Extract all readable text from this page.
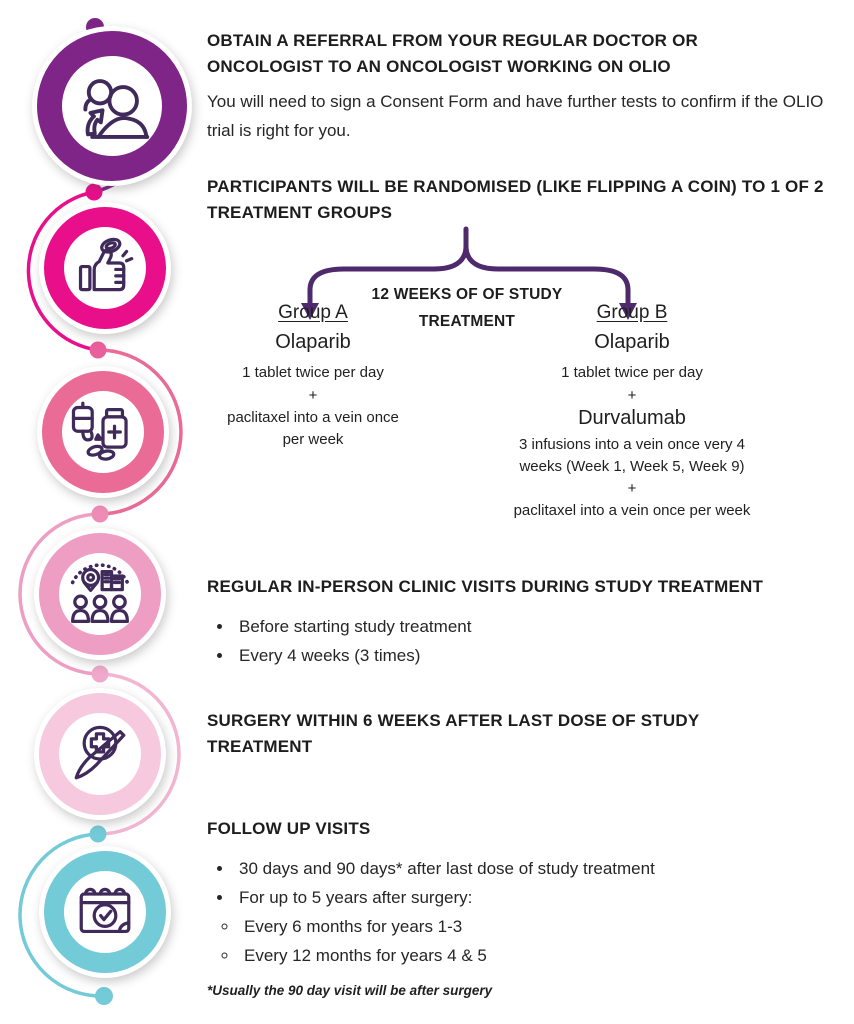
OBTAIN A REFERRAL FROM YOUR REGULAR DOCTOR OR ONCOLOGIST TO AN ONCOLOGIST WORKING ON OLIO

You will need to sign a Consent Form and have further tests to confirm if the OLIO trial is right for you.

PARTICIPANTS WILL BE RANDOMISED (LIKE FLIPPING A COIN) TO 1 OF 2 TREATMENT GROUPS
12 WEEKS OF OF STUDY TREATMENT
Group A
Olaparib
1 tablet twice per day
+
paclitaxel into a vein once per week
Group B
Olaparib
1 tablet twice per day
+
Durvalumab
3 infusions into a vein once very 4 weeks (Week 1, Week 5, Week 9)
+
paclitaxel into a vein once per week
REGULAR IN-PERSON CLINIC VISITS DURING STUDY TREATMENT
• Before starting study treatment
• Every 4 weeks (3 times)
SURGERY WITHIN 6 WEEKS AFTER LAST DOSE OF STUDY TREATMENT
FOLLOW UP VISITS
• 30 days and 90 days* after last dose of study treatment
• For up to 5 years after surgery:
◦ Every 6 months for years 1-3
◦ Every 12 months for years 4 & 5
*Usually the 90 day visit will be after surgery
